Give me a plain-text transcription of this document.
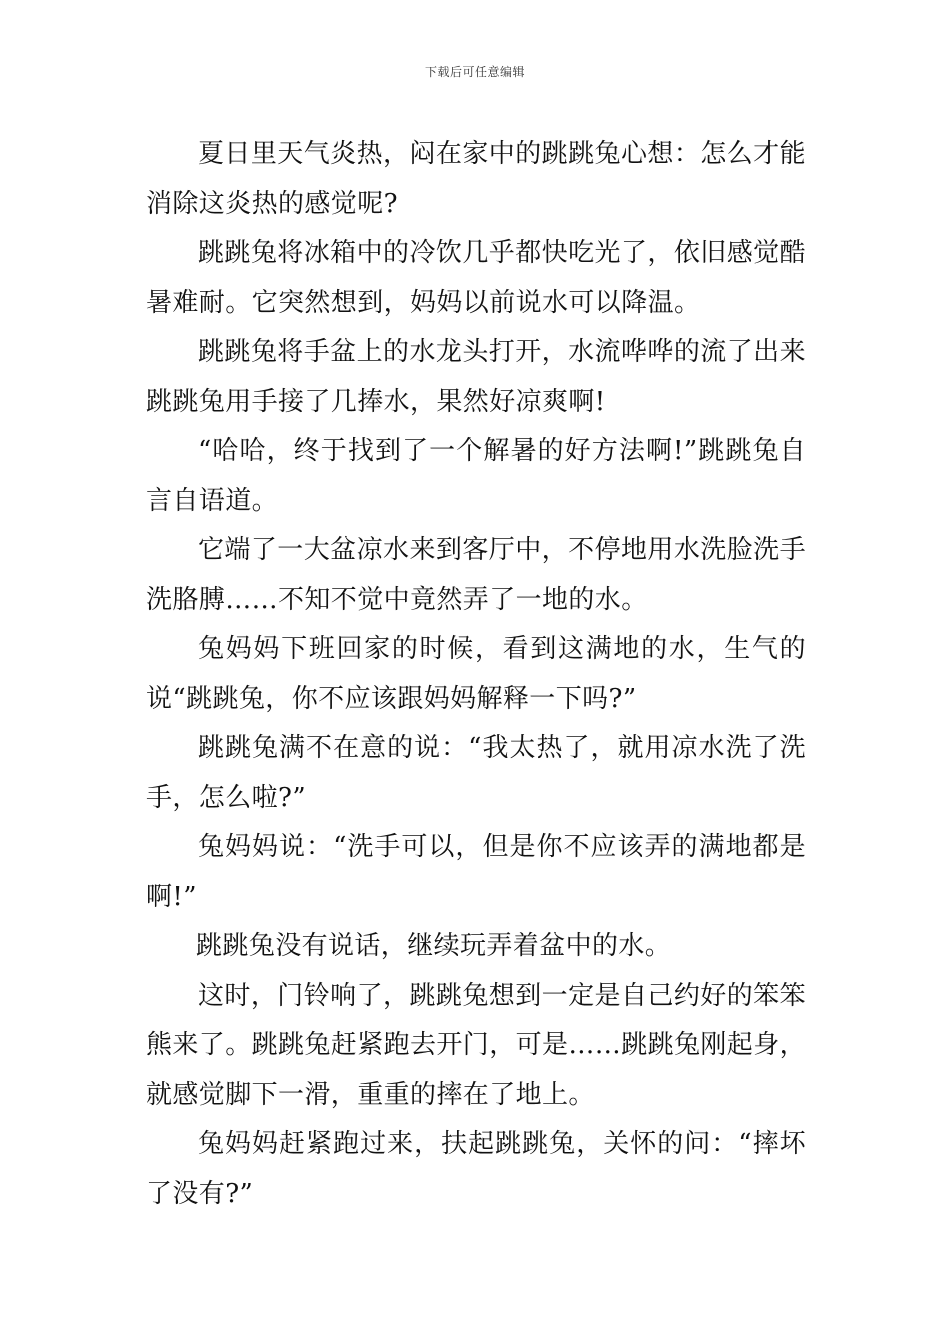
下载后可任意编辑

夏日里天气炎热，闷在家中的跳跳兔心想：怎么才能消除这炎热的感觉呢?

跳跳兔将冰箱中的冷饮几乎都快吃光了，依旧感觉酷暑难耐。它突然想到，妈妈以前说水可以降温。

跳跳兔将手盆上的水龙头打开，水流哗哗的流了出来跳跳兔用手接了几捧水，果然好凉爽啊!

“哈哈，终于找到了一个解暑的好方法啊!”跳跳兔自言自语道。

它端了一大盆凉水来到客厅中，不停地用水洗脸洗手洗胳膊……不知不觉中竟然弄了一地的水。

兔妈妈下班回家的时候，看到这满地的水，生气的说“跳跳兔，你不应该跟妈妈解释一下吗?”

跳跳兔满不在意的说：“我太热了，就用凉水洗了洗手，怎么啦?”

兔妈妈说：“洗手可以，但是你不应该弄的满地都是啊!”

跳跳兔没有说话，继续玩弄着盆中的水。

这时，门铃响了，跳跳兔想到一定是自己约好的笨笨熊来了。跳跳兔赶紧跑去开门，可是……跳跳兔刚起身，就感觉脚下一滑，重重的摔在了地上。

兔妈妈赶紧跑过来，扶起跳跳兔，关怀的问：“摔坏了没有?”
